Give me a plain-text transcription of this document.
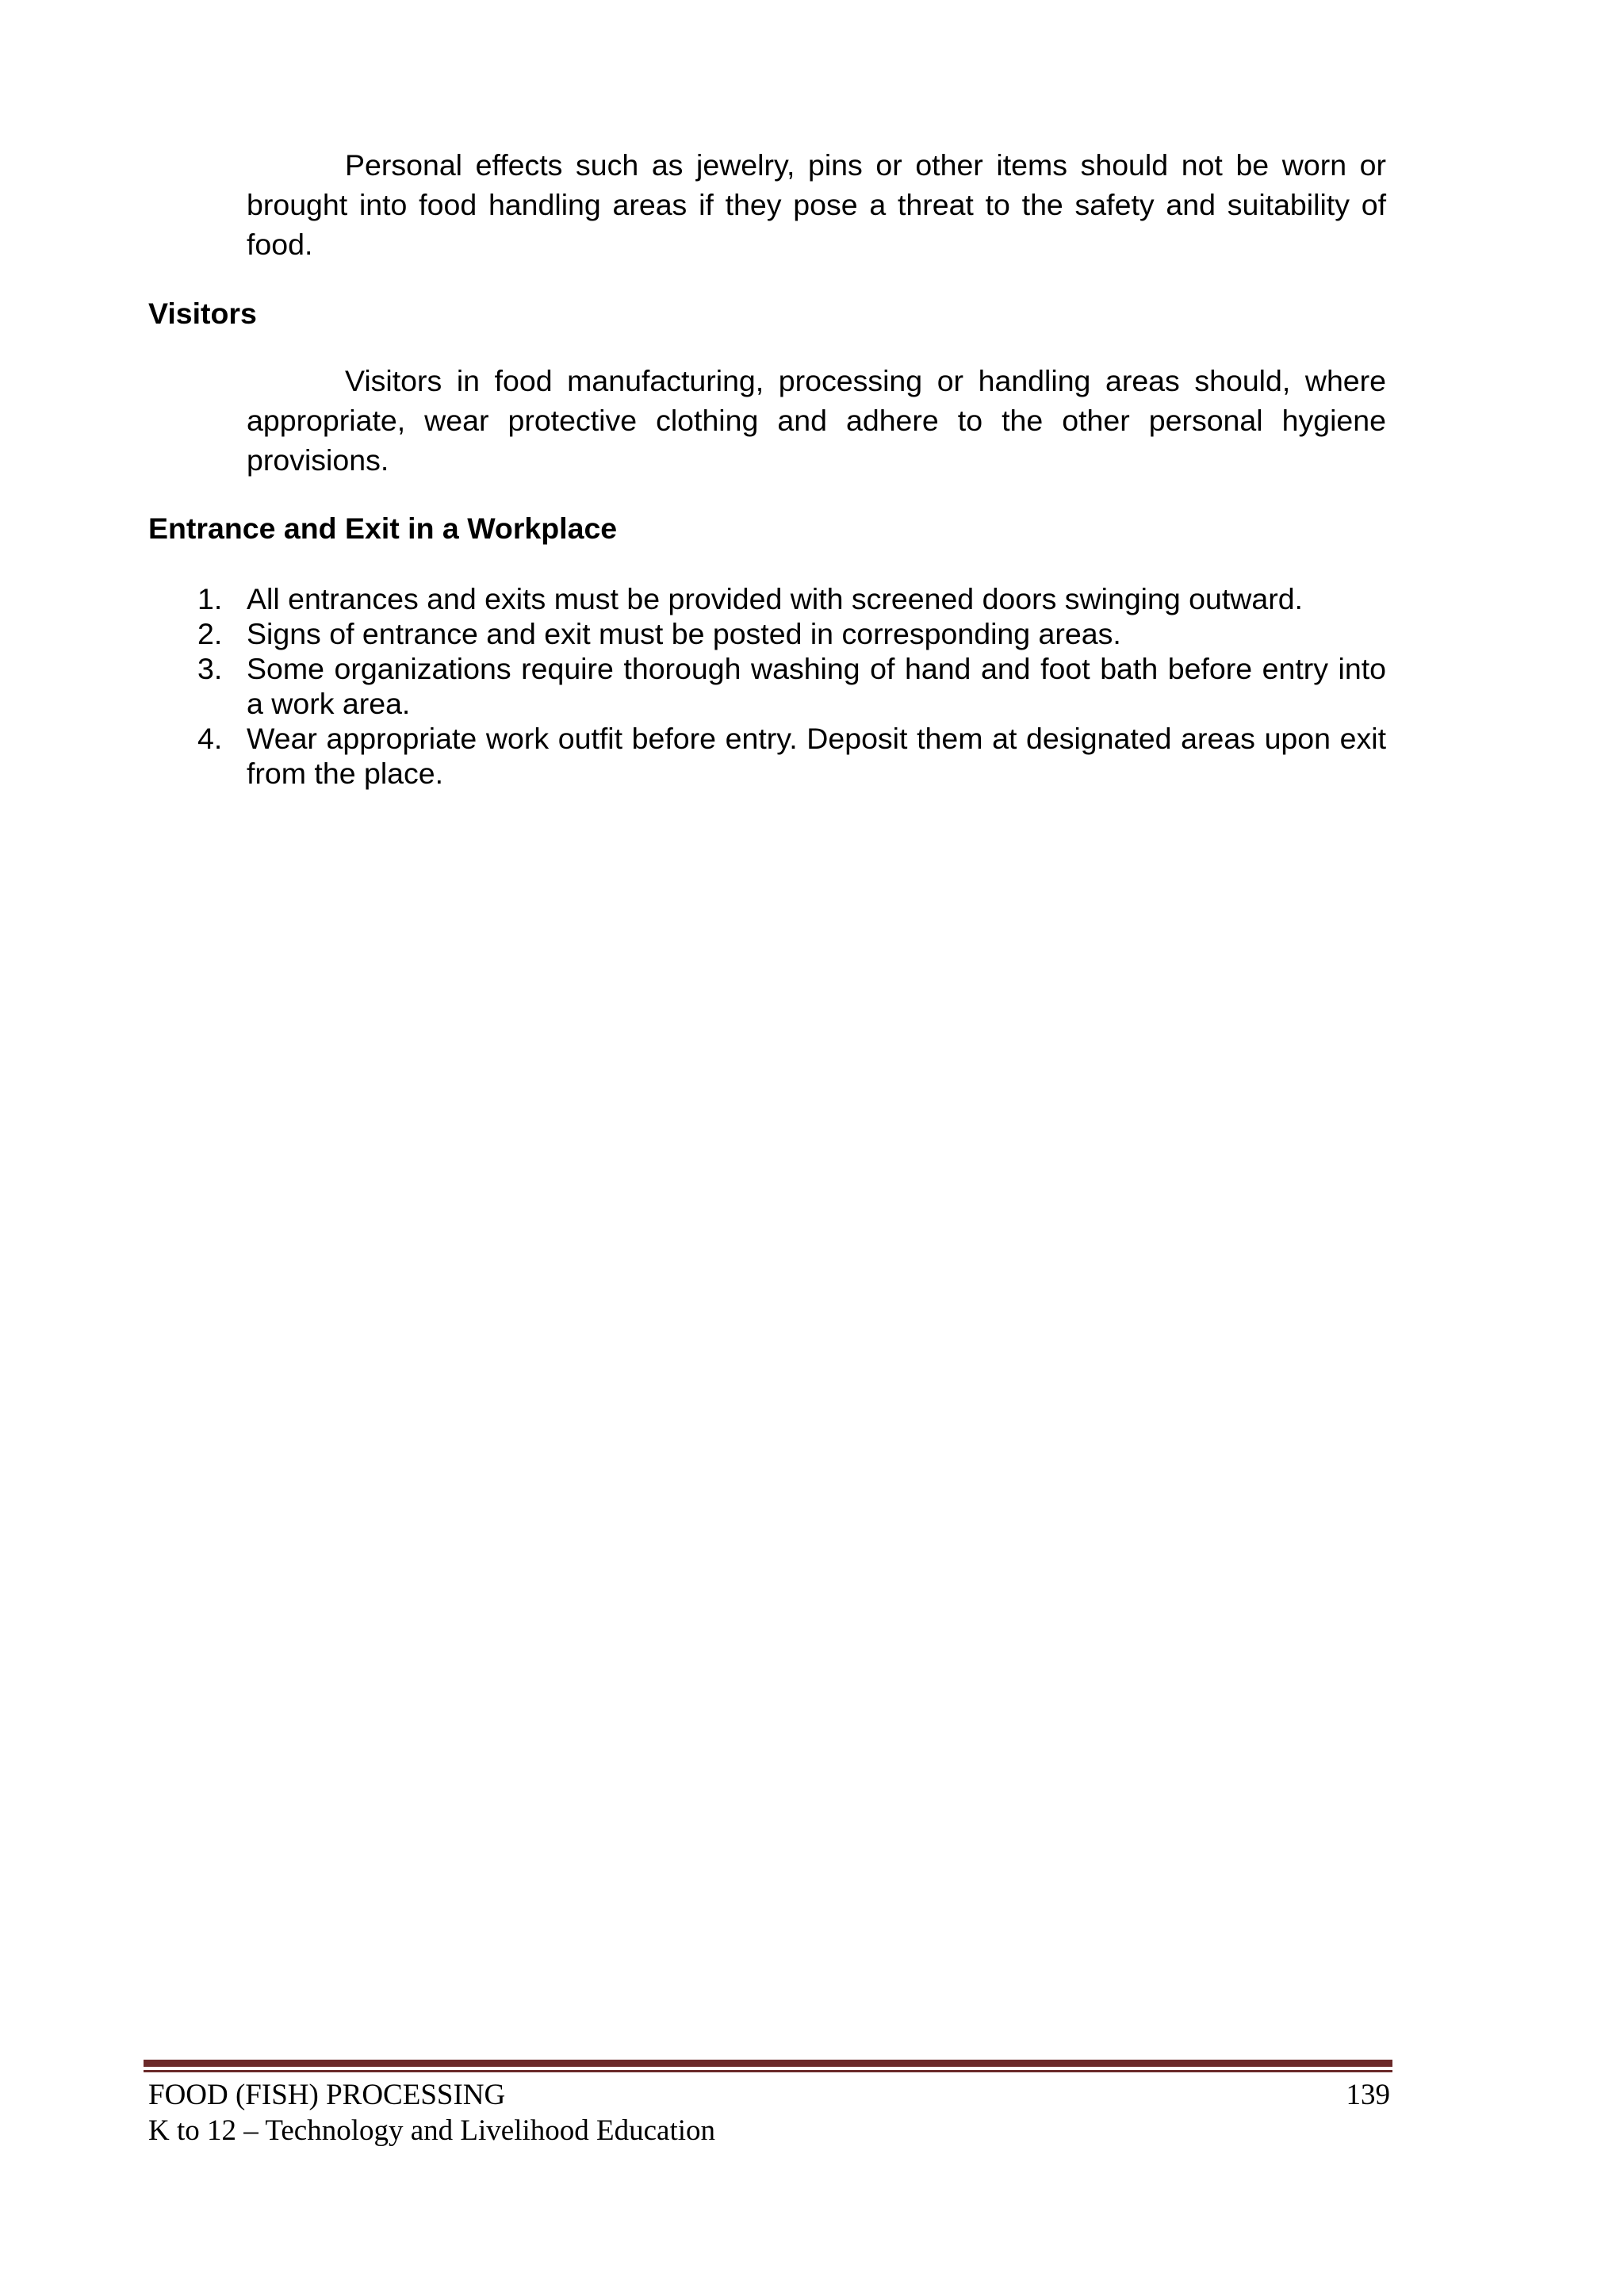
Personal effects such as jewelry, pins or other items should not be worn or brought into food handling areas if they pose a threat to the safety and suitability of food.

Visitors

Visitors in food manufacturing, processing or handling areas should, where appropriate, wear protective clothing and adhere to the other personal hygiene provisions.

Entrance and Exit in a Workplace

1. All entrances and exits must be provided with screened doors swinging outward.
2. Signs of entrance and exit must be posted in corresponding areas.
3. Some organizations require thorough washing of hand and foot bath before entry into a work area.
4. Wear appropriate work outfit before entry. Deposit them at designated areas upon exit from the place.

FOOD (FISH) PROCESSING	139

K to 12 – Technology and Livelihood Education
